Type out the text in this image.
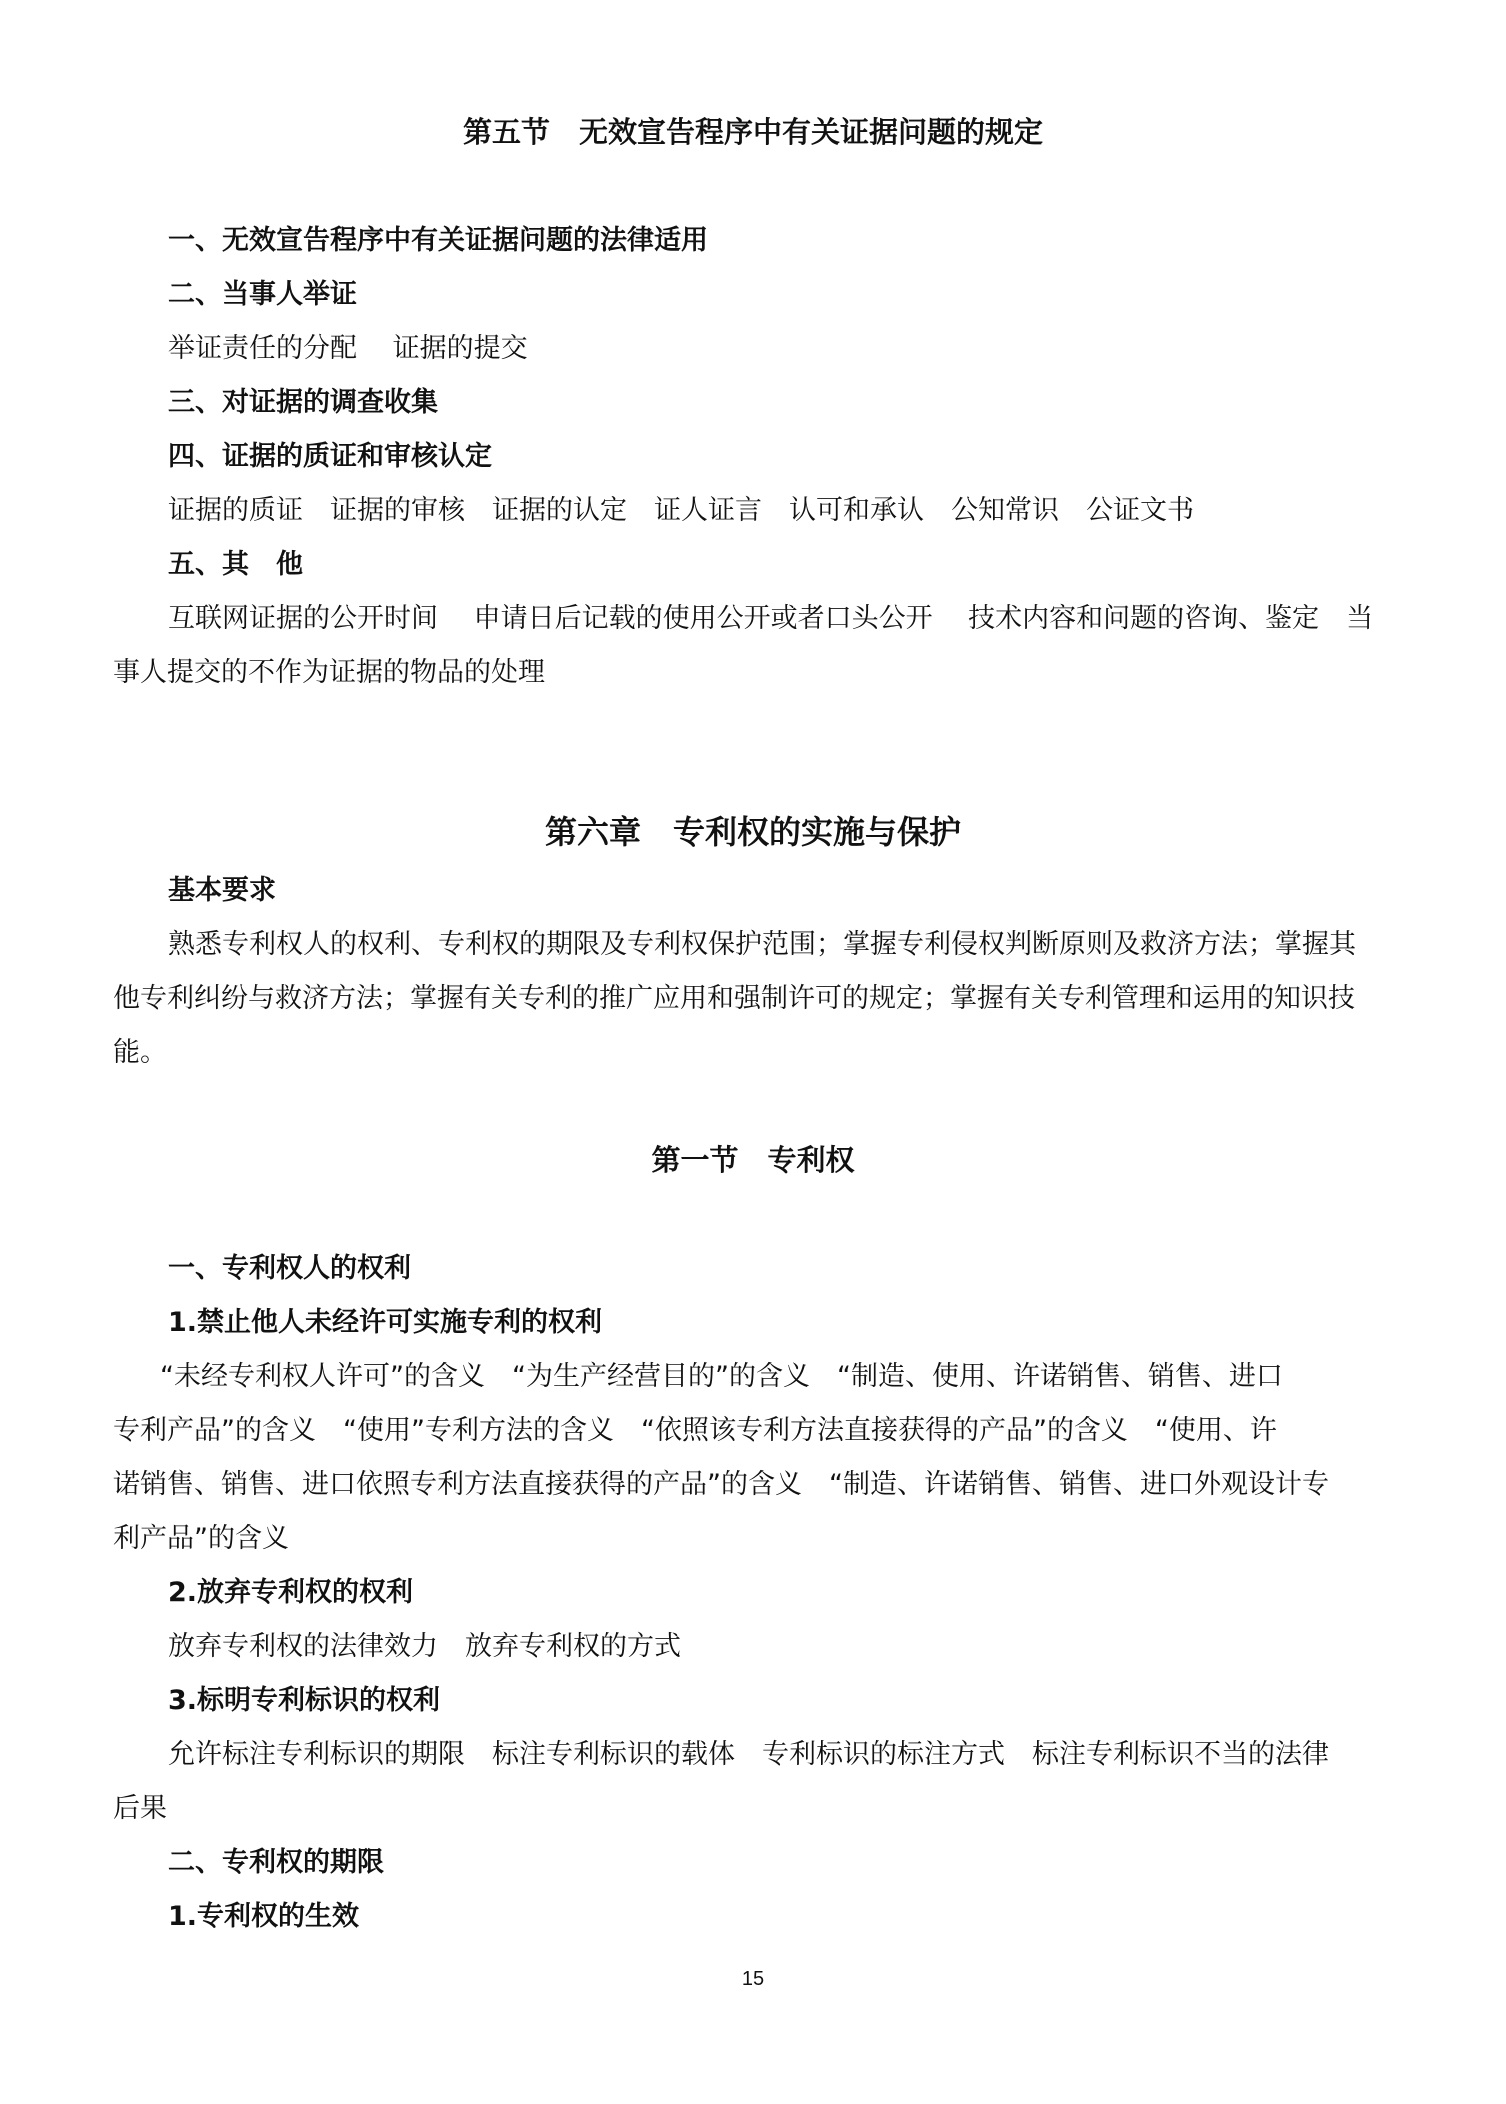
第五节　无效宣告程序中有关证据问题的规定
一、无效宣告程序中有关证据问题的法律适用
二、当事人举证
举证责任的分配　 证据的提交
三、对证据的调查收集
四、证据的质证和审核认定
证据的质证　证据的审核　证据的认定　证人证言　认可和承认　公知常识　公证文书
五、其　他
互联网证据的公开时间　 申请日后记载的使用公开或者口头公开　 技术内容和问题的咨询、鉴定　当
事人提交的不作为证据的物品的处理
第六章　专利权的实施与保护
基本要求
熟悉专利权人的权利、专利权的期限及专利权保护范围；掌握专利侵权判断原则及救济方法；掌握其
他专利纠纷与救济方法；掌握有关专利的推广应用和强制许可的规定；掌握有关专利管理和运用的知识技
能。
第一节　专利权
一、专利权人的权利
1.禁止他人未经许可实施专利的权利
“未经专利权人许可”的含义　“为生产经营目的”的含义　“制造、使用、许诺销售、销售、进口
专利产品”的含义　“使用”专利方法的含义　“依照该专利方法直接获得的产品”的含义　“使用、许
诺销售、销售、进口依照专利方法直接获得的产品”的含义　“制造、许诺销售、销售、进口外观设计专
利产品”的含义
2.放弃专利权的权利
放弃专利权的法律效力　放弃专利权的方式
3.标明专利标识的权利
允许标注专利标识的期限　标注专利标识的载体　专利标识的标注方式　标注专利标识不当的法律
后果
二、专利权的期限
1.专利权的生效
15
